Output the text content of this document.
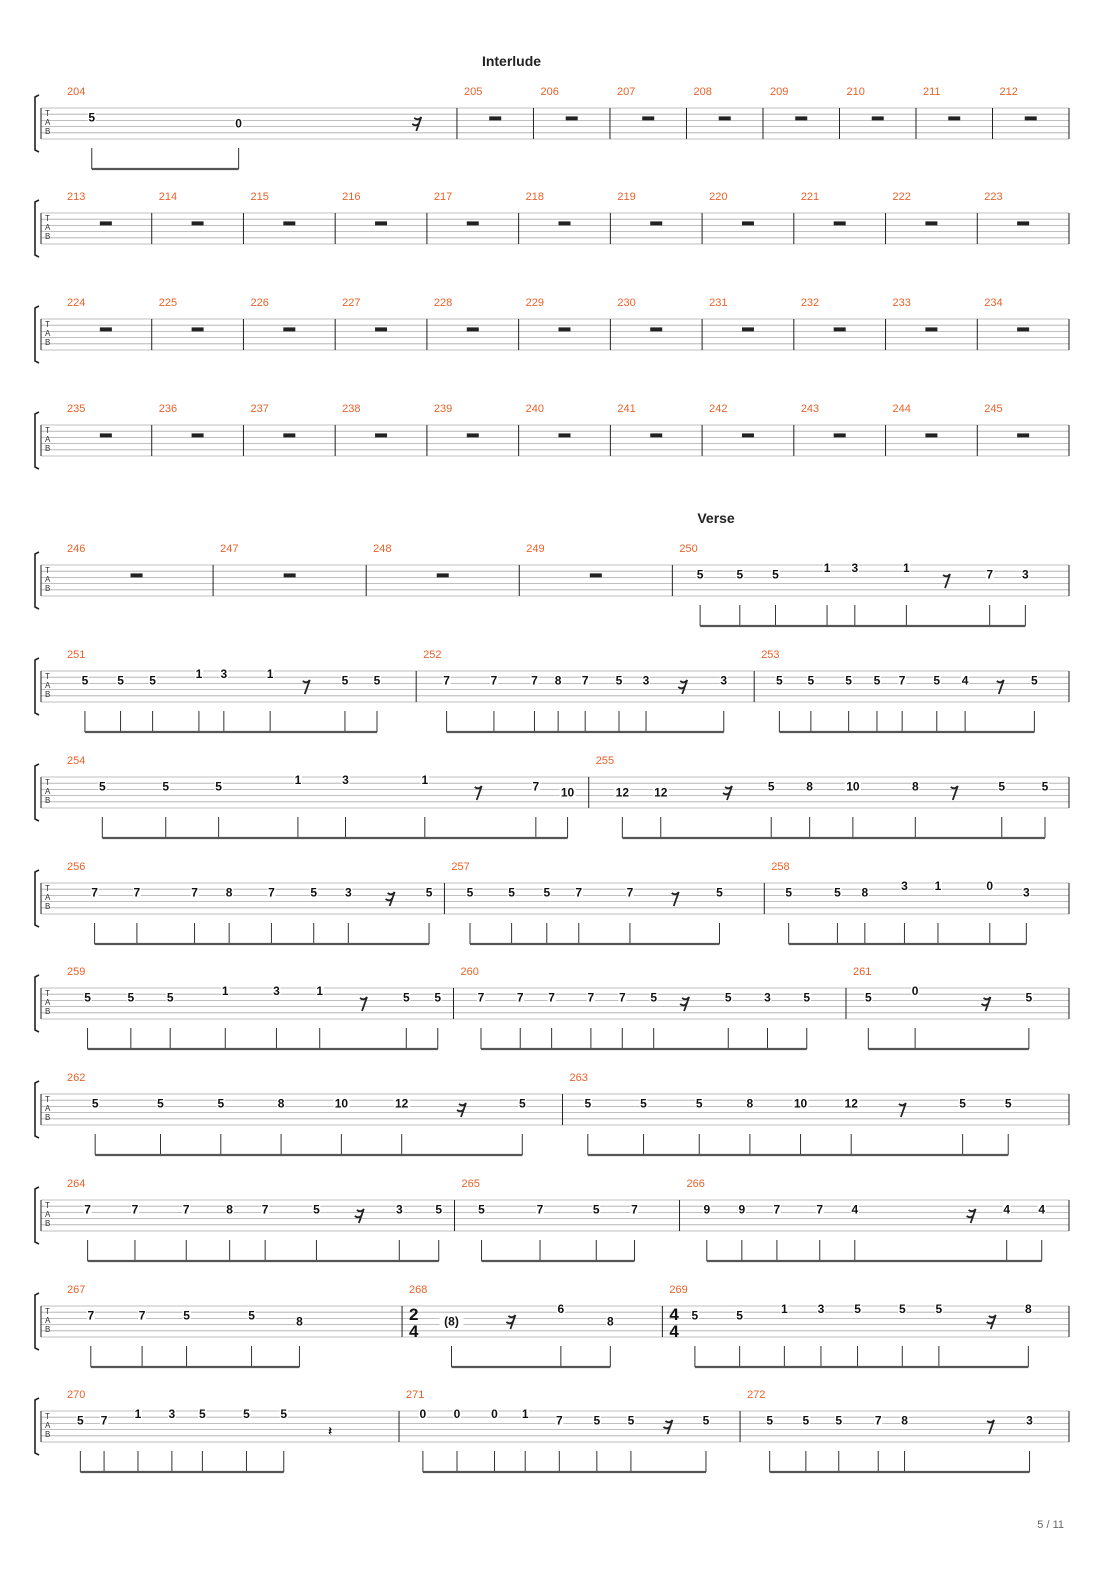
T
A
B
204
5	0
205
Interlude
206	207	208	209	210	211	212
T
A
B
213	214	215	216	217	218	219	220	221	222	223
T
A
B
224	225	226	227	228	229	230	231	232	233	234
T
A
B
235	236	237	238	239	240	241	242	243	244	245
T
A
B
246	247	248	249	250
Verse
5	5 5	1 3	1	7 3
T
A
B
251
5 5 5	1 3	1	5 5
252
7	7	7 8 7 5 3	3
253
5 5	5 5 7 5 4	5
T
A
B
254
5	5	5	1	3	1	7 10
255
12 12	5	8	10	8	5	5
T
A
B
256
7	7	7 8	7	5 3	5
257
5	5 5 7	7	5
258
5	5 8	3 1	0 3
T
A
B
259
5	5	5	1	3	1	5 5
260
7	7 7	7 7 5	5	3	5
261
5	0	5
T
A
B
262
5	5	5	8	10	12	5
263
5	5	5	8	10	12	5	5
T
A
B
264
7	7	7	8 7	5	3	5
265
5	7	5	7
266
9 9 7	7 4	4 4
T
A
B
267
7	7	5	5	8
268
2
4
(8)
6
8
269
4
4
5	5	1 3 5	5 5	8
T
A
B
270
5 7 1 3 5	5	5
𝄽
271
0 0	0 1 7	5 5	5
272
5 5 5	7 8	3
5 / 11
